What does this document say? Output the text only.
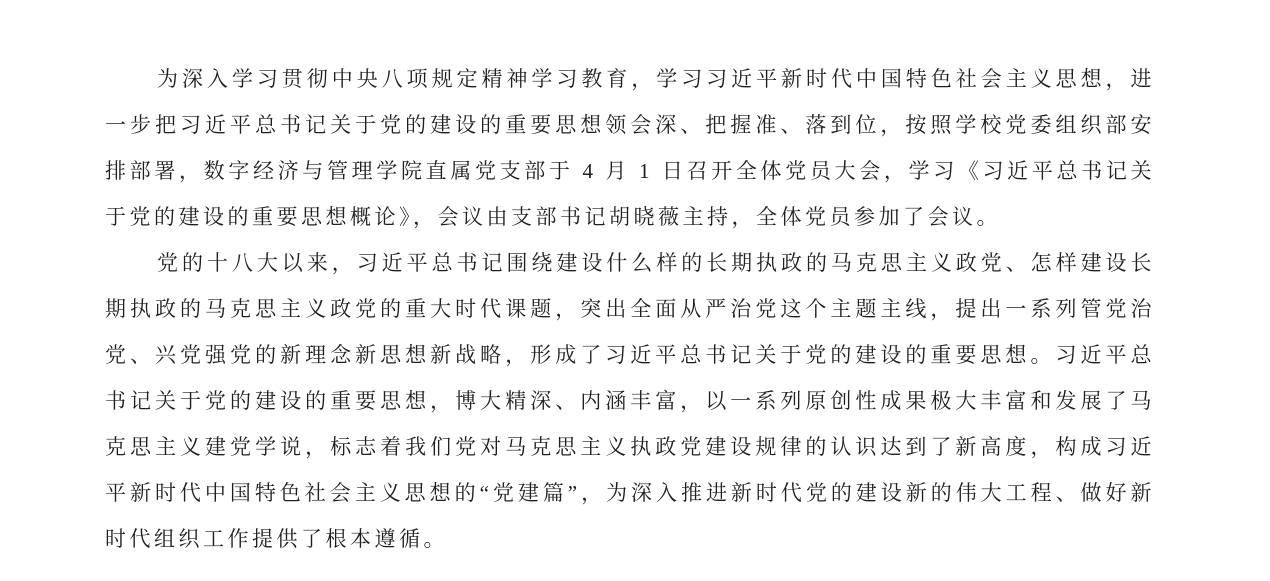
为深入学习贯彻中央八项规定精神学习教育，学习习近平新时代中国特色社会主义思想，进一步把习近平总书记关于党的建设的重要思想领会深、把握准、落到位，按照学校党委组织部安排部署，数字经济与管理学院直属党支部于 4 月 1 日召开全体党员大会，学习《习近平总书记关于党的建设的重要思想概论》，会议由支部书记胡晓薇主持，全体党员参加了会议。

党的十八大以来，习近平总书记围绕建设什么样的长期执政的马克思主义政党、怎样建设长期执政的马克思主义政党的重大时代课题，突出全面从严治党这个主题主线，提出一系列管党治党、兴党强党的新理念新思想新战略，形成了习近平总书记关于党的建设的重要思想。习近平总书记关于党的建设的重要思想，博大精深、内涵丰富，以一系列原创性成果极大丰富和发展了马克思主义建党学说，标志着我们党对马克思主义执政党建设规律的认识达到了新高度，构成习近平新时代中国特色社会主义思想的“党建篇”，为深入推进新时代党的建设新的伟大工程、做好新时代组织工作提供了根本遵循。
